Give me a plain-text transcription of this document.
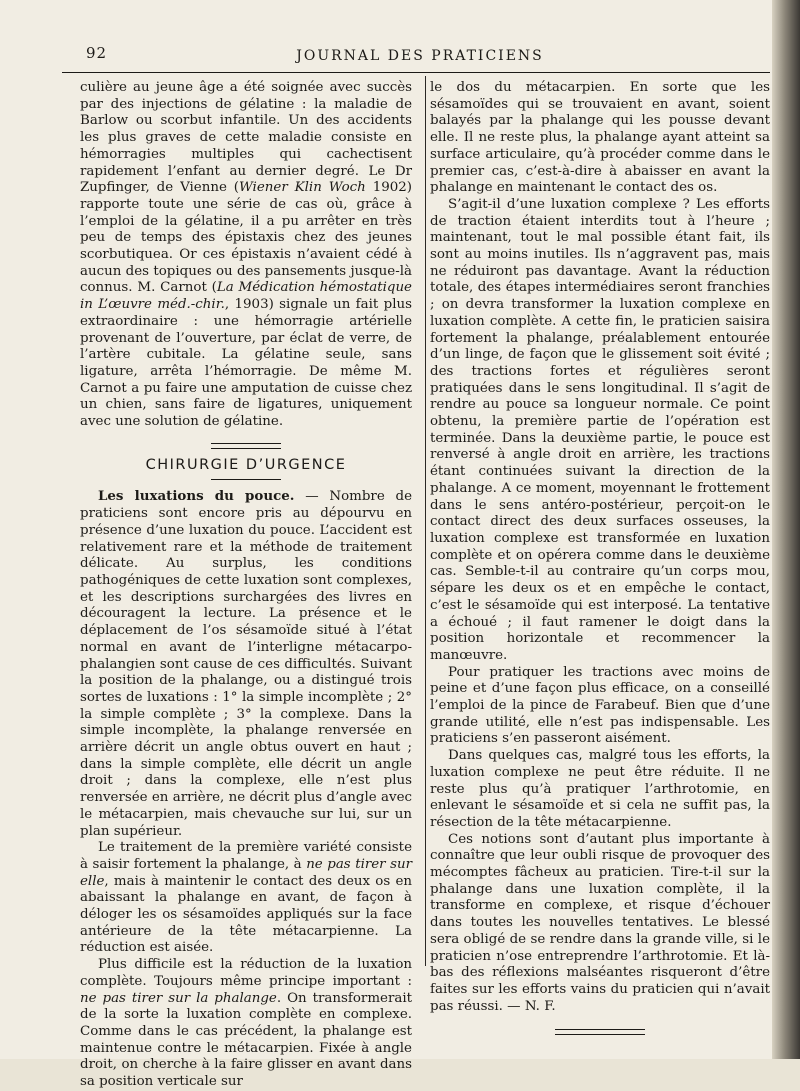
92	JOURNAL DES PRATICIENS

culière au jeune âge a été soignée avec succès par des injections de gélatine : la maladie de Barlow ou scorbut infantile. Un des accidents les plus graves de cette maladie consiste en hémorragies multiples qui cachectisent rapidement l’enfant au dernier degré. Le Dr Zupfinger, de Vienne (Wiener Klin Woch 1902) rapporte toute une série de cas où, grâce à l’emploi de la gélatine, il a pu arrêter en très peu de temps des épistaxis chez des jeunes scorbutiquea. Or ces épistaxis n’avaient cédé à aucun des topiques ou des pansements jusque-là connus. M. Carnot (La Médication hémostatique in L’œuvre méd.-chir., 1903) signale un fait plus extraordinaire : une hémorragie artérielle provenant de l’ouverture, par éclat de verre, de l’artère cubitale. La gélatine seule, sans ligature, arrêta l’hémorragie. De même M. Carnot a pu faire une amputation de cuisse chez un chien, sans faire de ligatures, uniquement avec une solution de gélatine.

CHIRURGIE D’URGENCE

Les luxations du pouce. — Nombre de praticiens sont encore pris au dépourvu en présence d’une luxation du pouce. L’accident est relativement rare et la méthode de traitement délicate. Au surplus, les conditions pathogéniques de cette luxation sont complexes, et les descriptions surchargées des livres en découragent la lecture. La présence et le déplacement de l’os sésamoïde situé à l’état normal en avant de l’interligne métacarpo-phalangien sont cause de ces difficultés. Suivant la position de la phalange, ou a distingué trois sortes de luxations : 1° la simple incomplète ; 2° la simple complète ; 3° la complexe. Dans la simple incomplète, la phalange renversée en arrière décrit un angle obtus ouvert en haut ; dans la simple complète, elle décrit un angle droit ; dans la complexe, elle n’est plus renversée en arrière, ne décrit plus d’angle avec le métacarpien, mais chevauche sur lui, sur un plan supérieur.

Le traitement de la première variété consiste à saisir fortement la phalange, à ne pas tirer sur elle, mais à maintenir le contact des deux os en abaissant la phalange en avant, de façon à déloger les os sésamoïdes appliqués sur la face antérieure de la tête métacarpienne. La réduction est aisée.

Plus difficile est la réduction de la luxation complète. Toujours même principe important : ne pas tirer sur la phalange. On transformerait de la sorte la luxation complète en complexe. Comme dans le cas précédent, la phalange est maintenue contre le métacarpien. Fixée à angle droit, on cherche à la faire glisser en avant dans sa position verticale sur

le dos du métacarpien. En sorte que les sésamoïdes qui se trouvaient en avant, soient balayés par la phalange qui les pousse devant elle. Il ne reste plus, la phalange ayant atteint sa surface articulaire, qu’à procéder comme dans le premier cas, c’est-à-dire à abaisser en avant la phalange en maintenant le contact des os.

S’agit-il d’une luxation complexe ? Les efforts de traction étaient interdits tout à l’heure ; maintenant, tout le mal possible étant fait, ils sont au moins inutiles. Ils n’aggravent pas, mais ne réduiront pas davantage. Avant la réduction totale, des étapes intermédiaires seront franchies ; on devra transformer la luxation complexe en luxation complète. A cette fin, le praticien saisira fortement la phalange, préalablement entourée d’un linge, de façon que le glissement soit évité ; des tractions fortes et régulières seront pratiquées dans le sens longitudinal. Il s’agit de rendre au pouce sa longueur normale. Ce point obtenu, la première partie de l’opération est terminée. Dans la deuxième partie, le pouce est renversé à angle droit en arrière, les tractions étant continuées suivant la direction de la phalange. A ce moment, moyennant le frottement dans le sens antéro-postérieur, perçoit-on le contact direct des deux surfaces osseuses, la luxation complexe est transformée en luxation complète et on opérera comme dans le deuxième cas. Semble-t-il au contraire qu’un corps mou, sépare les deux os et en empêche le contact, c’est le sésamoïde qui est interposé. La tentative a échoué ; il faut ramener le doigt dans la position horizontale et recommencer la manœuvre.

Pour pratiquer les tractions avec moins de peine et d’une façon plus efficace, on a conseillé l’emploi de la pince de Farabeuf. Bien que d’une grande utilité, elle n’est pas indispensable. Les praticiens s’en passeront aisément.

Dans quelques cas, malgré tous les efforts, la luxation complexe ne peut être réduite. Il ne reste plus qu’à pratiquer l’arthrotomie, en enlevant le sésamoïde et si cela ne suffit pas, la résection de la tête métacarpienne.

Ces notions sont d’autant plus importante à connaître que leur oubli risque de provoquer des mécomptes fâcheux au praticien. Tire-t-il sur la phalange dans une luxation complète, il la transforme en complexe, et risque d’échouer dans toutes les nouvelles tentatives. Le blessé sera obligé de se rendre dans la grande ville, si le praticien n’ose entreprendre l’arthrotomie. Et là-bas des réflexions malséantes risqueront d’être faites sur les efforts vains du praticien qui n’avait pas réussi. — N. F.
